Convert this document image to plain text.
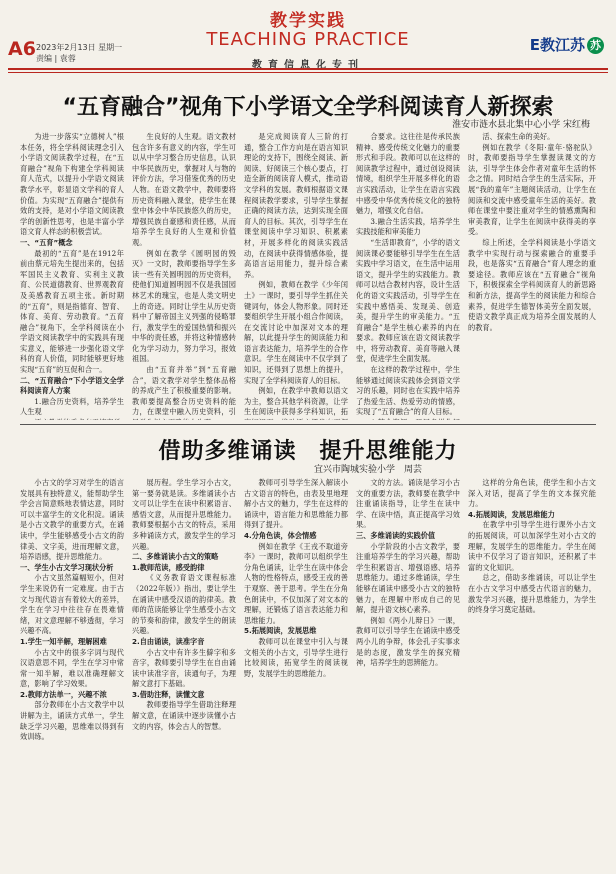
A6 2023年2月13日 星期一
责编 | 袁蓉
教学实践
TEACHING PRACTICE
教育信息化专刊
E教江苏 苏
“五育融合”视角下小学语文全学科阅读育人新探索
淮安市涟水县北集中心小学 宋红梅

为进一步落实“立德树人”根本任务，将全学科阅读理念引入小学语文阅读教学过程，在“五育融合”视角下构建全学科阅读育人范式，以提升小学语文阅读教学水平，彰显语文学科的育人价值。为实现“五育融合”提供有效的支持，是对小学语文阅读教学的创新性思考，也是丰富小学语文育人样态的积极尝试。

一、“五育”概念

最初的“五育”是在1912年前由蔡元培先生提出来的，包括军国民主义教育、实利主义教育、公民道德教育、世界观教育及美感教育五项主张。新时期的“五育”，则是指德育、智育、体育、美育、劳动教育。“五育融合”视角下，全学科阅读在小学语文阅读教学中的实践具有现实意义，能够进一步强化语文学科的育人价值，同时能够更好地实现“五育”的互促和合一。

二、“五育融合”下小学语文全学科阅读育人方案

1.融合历史资料，培养学生人生观

生良好的人生观。语文教材包含许多有意义的内容，学生可以从中学习整合历史信息，认识中华民族历史，掌握对人与物的评价方法，学习借鉴优秀的历史人物。在语文教学中，教师要将历史资料融入课堂，使学生在课堂中体会中华民族悠久的历史，增强民族自豪感和责任感，从而培养学生良好的人生观和价值观。

例如在教学《圆明园的毁灭》一文时，教师要指导学生多读一些有关圆明园的历史资料，使他们知道圆明园不仅是我国园林艺术的瑰宝，也是人类文明史上的奇迹。同时让学生从历史资料中了解帝国主义列强的侵略罪行，激发学生的爱国热情和振兴中华的责任感，并将这种情感转化为学习动力，努力学习，报效祖国。

由“五育并举”到“五育融合”，语文教学对学生整体品格的养成产生了积极重要的影响。教师要提高整合历史资料的能力，在课堂中融入历史资料，引

是完成阅读育人三阶的打通，整合工作方向是在语言知识理论的支持下，围绕全阅读、新阅读、好阅读三个核心要点，打造全新的阅读育人模式，推动语文学科的发展。教师根据语文课程阅读教学要求，引导学生掌握正确的阅读方法，达到实现全面育人的目标。其次，引导学生在课堂阅读中学习知识、积累素材，开展多样化的阅读实践活动，在阅读中获得情感体验，提高语言运用能力，提升综合素养。

例如，教师在教学《少年闰土》一课时，要引导学生抓住关键词句，体会人物形象。同时还要组织学生开展小组合作阅读，在交流讨论中加深对文本的理解，以此提升学生的阅读能力和语言表达能力，培养学生的合作意识。学生在阅读中不仅学到了知识，还得到了思想上的提升，实现了全学科阅读育人的目标。

例如，在教学中教师以语文为主，整合其他学科资源，让学生在阅读中获得多学科知识，拓

合要求。这往往是传承民族精神、感受传统文化魅力的重要形式和手段。教师可以在这样的阅读教学过程中，通过创设阅读情境，组织学生开展多样化的语言实践活动，让学生在语言实践中感受中华优秀传统文化的独特魅力，增强文化自信。

3.融合生活实践，培养学生实践技能和审美能力

“生活即教育”，小学的语文阅读课必要能够引导学生在生活实践中学习语文，在生活中运用语文，提升学生的实践能力。教师可以结合教材内容，设计生活化的语文实践活动，引导学生在实践中感悟美、发现美、创造美，提升学生的审美能力。“五育融合”是学生核心素养的内在要求。教师应该在语文阅读教学中，将劳动教育、美育等融入课堂，促进学生全面发展。

在这样的教学过程中，学生能够通过阅读实践体会到语文学习的乐趣，同时也在实践中培养了热爱生活、热爱劳动的情感，实现了“五育融合”的育人目标。

活、探索生命的美好。

例如在教学《冬阳·童年·骆驼队》时，教师要指导学生掌握读课文的方法，引导学生体会作者对童年生活的怀念之情。同时结合学生的生活实际，开展“我的童年”主题阅读活动，让学生在阅读和交流中感受童年生活的美好。教师在课堂中要注重对学生的情感熏陶和审美教育，让学生在阅读中获得美的享受。

综上所述，全学科阅读是小学语文教学中实现行动与探索融合的重要手段，也是落实“五育融合”育人理念的重要途径。教师应该在“五育融合”视角下，积极探索全学科阅读育人的新思路和新方法，提高学生的阅读能力和综合素养，促进学生德智体美劳全面发展，使语文教学真正成为培养全面发展的人的教育。

借助多维诵读　提升思维能力
宜兴市陶城实验小学　周芸

小古文的学习对学生的语言发展具有独特意义，能帮助学生学会言简意赅地表情达意，同时可以丰富学生的文化积淀。诵读是小古文教学的重要方式，在诵读中，学生能够感受小古文的韵律美、文字美，进而理解文意，培养语感，提升思维能力。

一、学生小古文学习现状分析

小古文虽然篇幅短小，但对学生来说仍有一定难度。由于古文与现代语言有着较大的差异，学生在学习中往往存在畏难情绪，对文意理解不够透彻，学习兴趣不高。

1.学生一知半解，理解困难

小古文中的很多字词与现代汉语意思不同，学生在学习中常常一知半解，难以准确理解文意，影响了学习效果。

2.教师方法单一，兴趣不浓

部分教师在小古文教学中以讲解为主，诵读方式单一，学生缺乏学习兴趣，思维难以得到有效训练。

展历程。学生学习小古文，第一要务就是读。多维诵读小古文可以让学生在读中积累语言、感悟文意，从而提升思维能力。教师要根据小古文的特点，采用多种诵读方式，激发学生的学习兴趣。

二、多维诵读小古文的策略

1.教师范读，感受韵律

《义务教育语文课程标准（2022年版）》指出，要让学生在诵读中感受汉语的韵律美。教师的范读能够让学生感受小古文的节奏和韵律，激发学生的朗读兴趣。

2.自由诵读，读准字音

小古文中有许多生僻字和多音字，教师要引导学生在自由诵读中读准字音，读通句子，为理解文意打下基础。

3.借助注释，读懂文意

教师要指导学生借助注释理解文意，在诵读中逐步读懂小古文的内容，体会古人的智慧。

教师可引导学生深入解读小古文语言的特色，由表及里地理解小古文的魅力，学生在这样的诵读中，语言能力和思维能力都得到了提升。

4.分角色读，体会情感

例如在教学《王戎不取道旁李》一课时，教师可以组织学生分角色诵读，让学生在读中体会人物的性格特点，感受王戎的善于观察、善于思考。学生在分角色朗读中，不仅加深了对文本的理解，还锻炼了语言表达能力和思维能力。

5.拓展阅读，发展思维

教师可以在课堂中引入与课文相关的小古文，引导学生进行比较阅读，拓宽学生的阅读视野，发展学生的思维能力。

文的方法。诵读是学习小古文的重要方法，教师要在教学中注重诵读指导，让学生在读中学、在读中悟，真正提高学习效果。

三、多维诵读的实践价值

小学阶段的小古文教学，要注重培养学生的学习兴趣，帮助学生积累语言、增强语感、培养思维能力。通过多维诵读，学生能够在诵读中感受小古文的独特魅力，在理解中形成自己的见解，提升语文核心素养。

例如《两小儿辩日》一课，教师可以引导学生在诵读中感受两小儿的争辩，体会孔子实事求是的态度，激发学生的探究精神，培养学生的思辨能力。

这样的分角色读，使学生和小古文深入对话，提高了学生的文本探究能力。

4.拓展阅读，发展思维能力

在教学中引导学生进行课外小古文的拓展阅读，可以加深学生对小古文的理解，发展学生的思维能力。学生在阅读中不仅学习了语言知识，还积累了丰富的文化知识。

总之，借助多维诵读，可以让学生在小古文学习中感受古代语言的魅力，激发学习兴趣，提升思维能力，为学生的终身学习奠定基础。
